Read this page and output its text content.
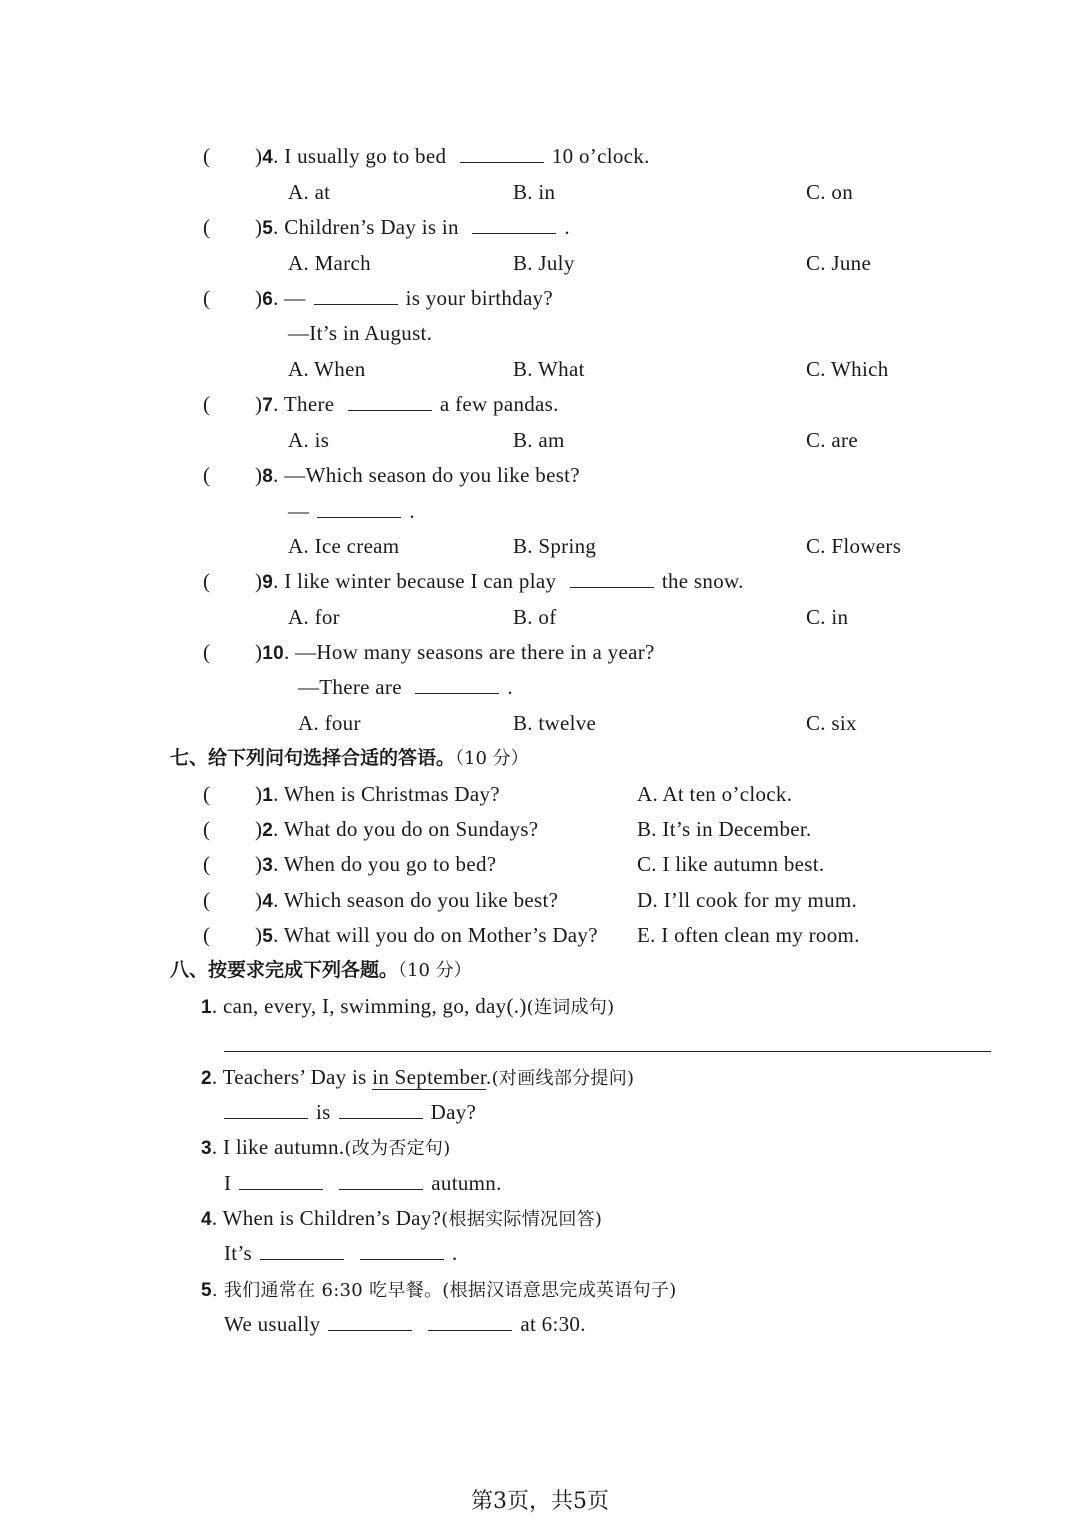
( )4. I usually go to bed	10 o’clock.
A. at	B. in	C. on
( )5. Children’s Day is in	.
A. March	B. July	C. June
( )6. —	is your birthday?
—It’s in August.
A. When	B. What	C. Which
( )7. There	a few pandas.
A. is	B. am	C. are
( )8. —Which season do you like best?
—	.
A. Ice cream	B. Spring	C. Flowers
( )9. I like winter because I can play	the snow.
A. for	B. of	C. in
( )10. —How many seasons are there in a year?
—There are	.
A. four	B. twelve	C. six
七、给下列问句选择合适的答语。（10 分）
( )1. When is Christmas Day?	A. At ten o’clock.
( )2. What do you do on Sundays?	B. It’s in December.
( )3. When do you go to bed?	C. I like autumn best.
( )4. Which season do you like best?	D. I’ll cook for my mum.
( )5. What will you do on Mother’s Day? E. I often clean my room.
八、按要求完成下列各题。（10 分）
1. can, every, I, swimming, go, day(.)(连词成句)
2. Teachers’ Day is in September.(对画线部分提问)
is	Day?
3. I like autumn.(改为否定句)
I	autumn.
4. When is Children’s Day?(根据实际情况回答)
It’s	.
5. 我们通常在 6:30 吃早餐。(根据汉语意思完成英语句子)
We usually	at 6:30.
第3页，共5页
